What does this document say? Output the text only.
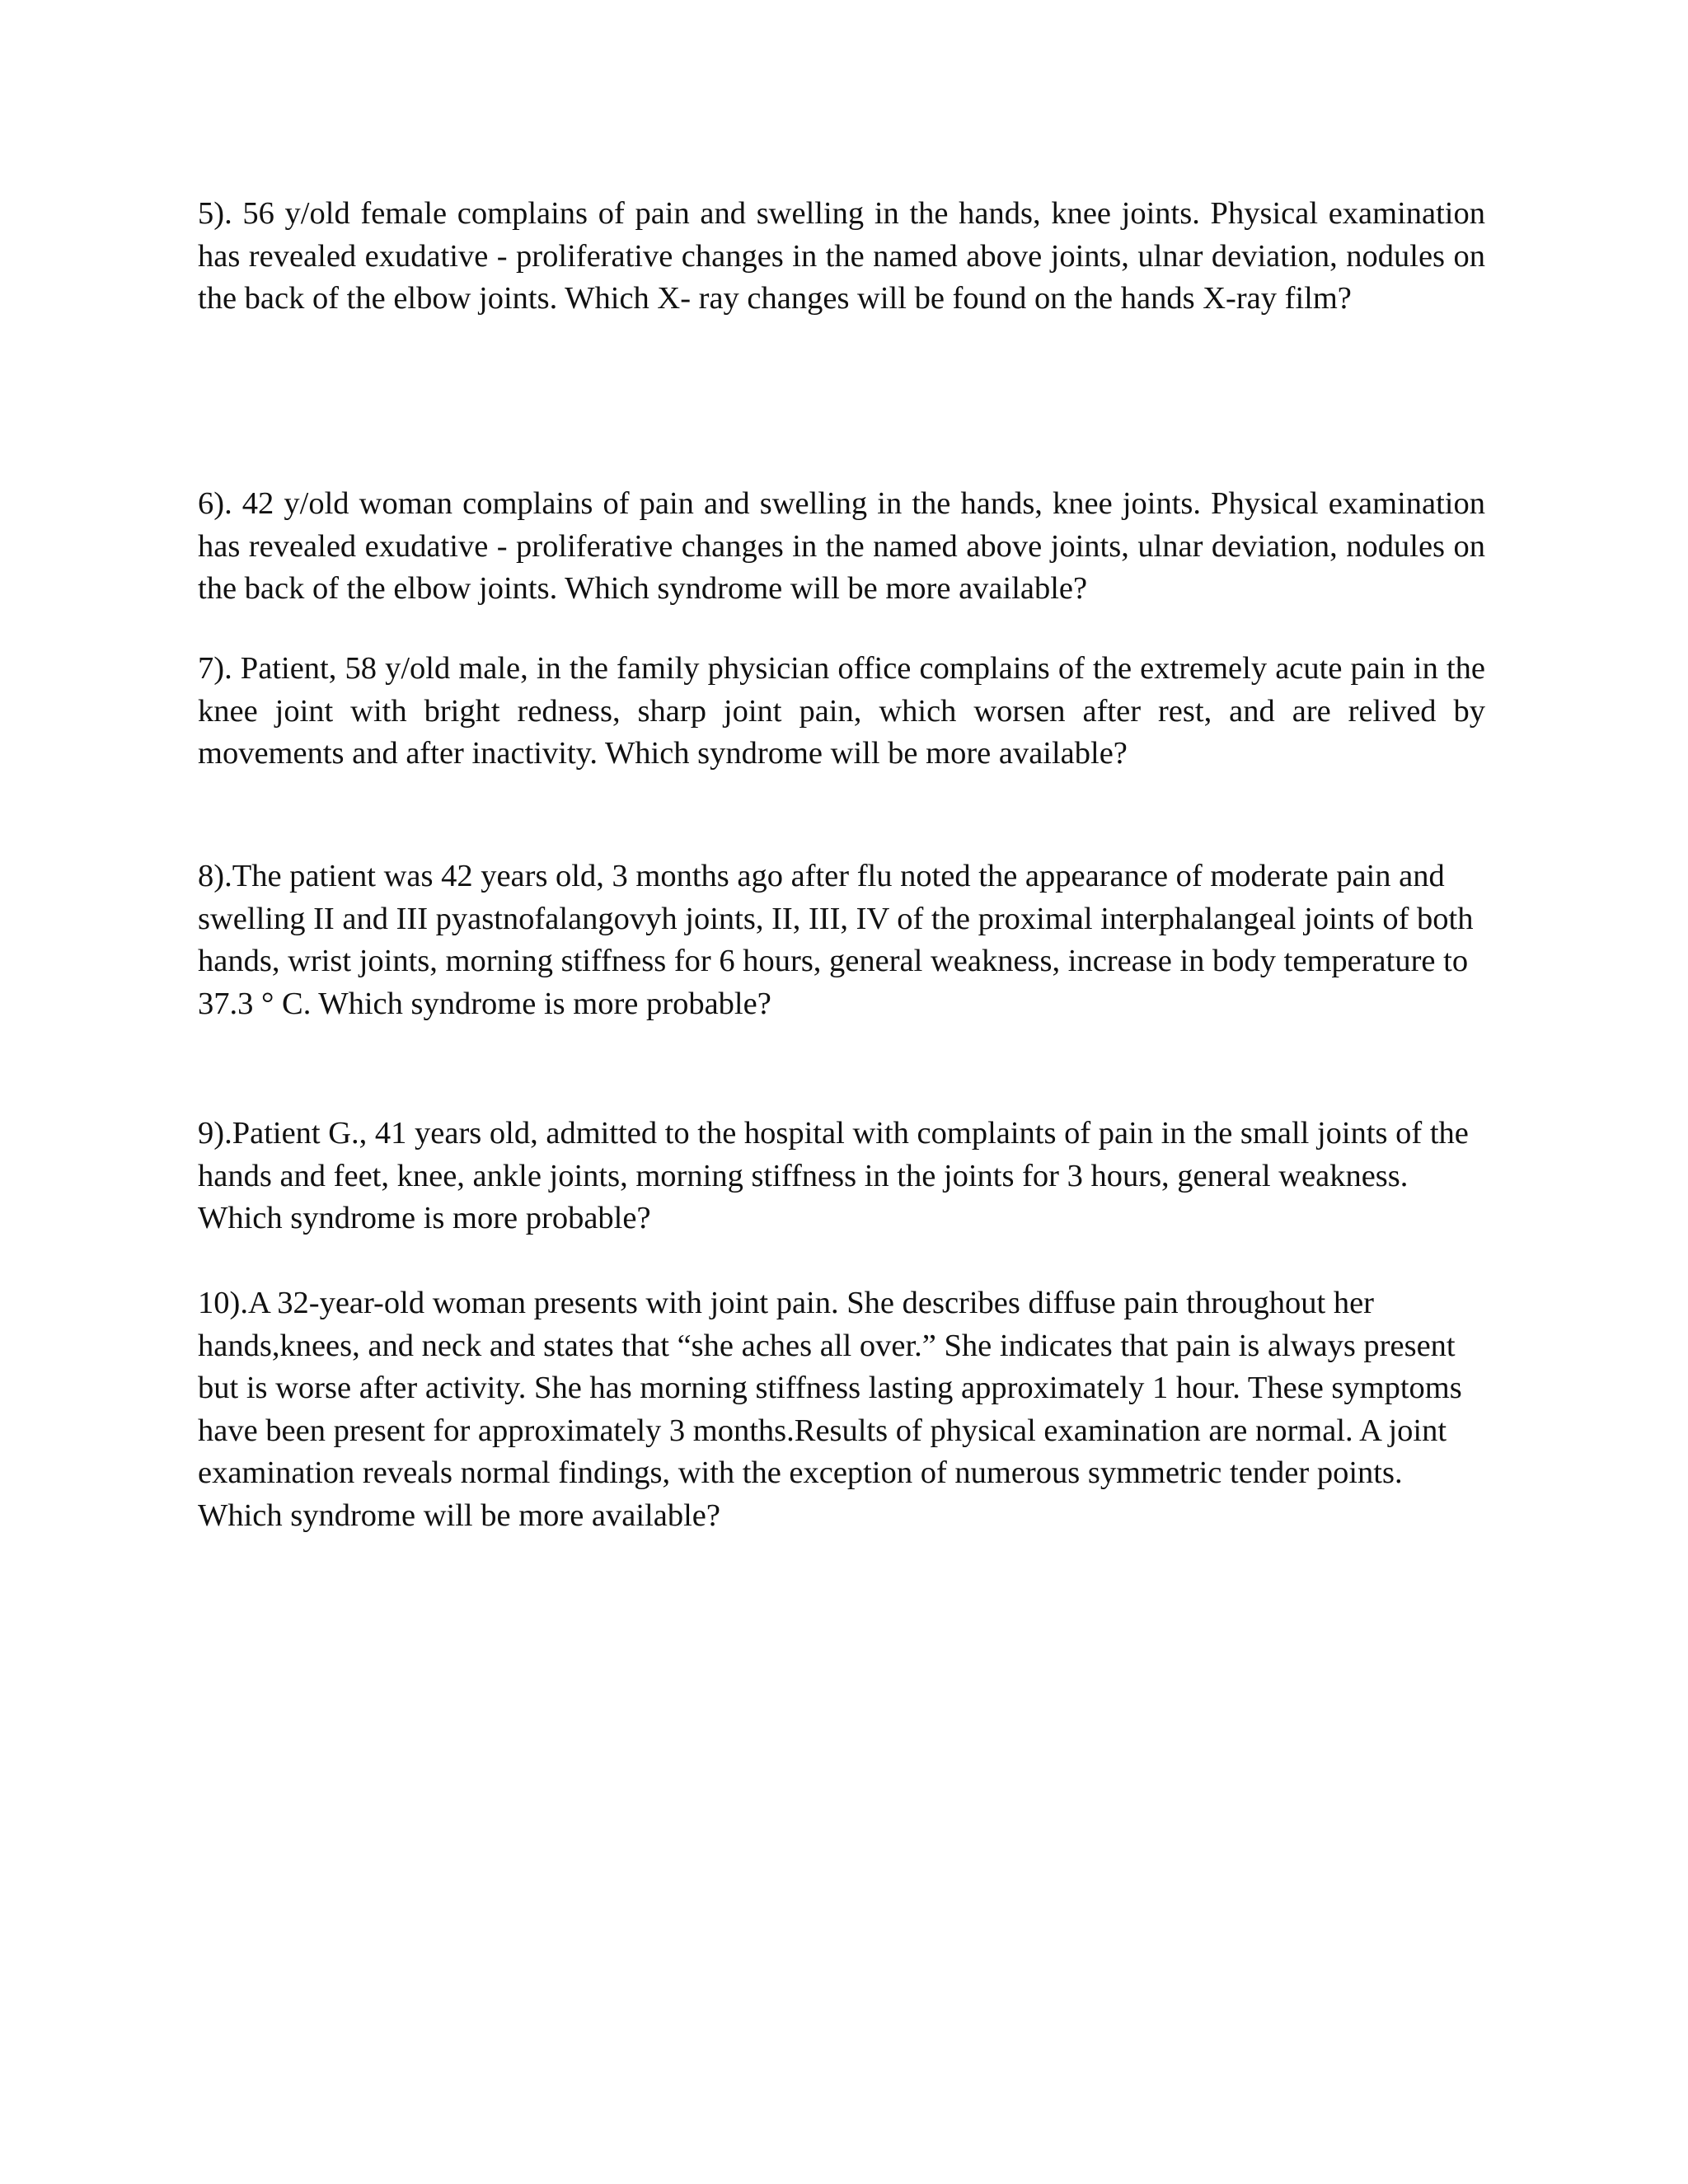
5). 56 y/old female complains of pain and swelling in the hands, knee joints. Physical examination has revealed exudative - proliferative changes in the named above joints, ulnar deviation, nodules on the back of the elbow joints. Which X- ray changes will be found on the hands X-ray film?

6). 42 y/old woman complains of pain and swelling in the hands, knee joints. Physical examination has revealed exudative - proliferative changes in the named above joints, ulnar deviation, nodules on the back of the elbow joints. Which syndrome will be more available?

7). Patient, 58 y/old male, in the family physician office complains of the extremely acute pain in the knee joint with bright redness, sharp joint pain, which worsen after rest, and are relived by movements and after inactivity. Which syndrome will be more available?

8).The patient was 42 years old, 3 months ago after flu noted the appearance of moderate pain and swelling II and III pyastnofalangovyh joints, II, III, IV of the proximal interphalangeal joints of both hands, wrist joints, morning stiffness for 6 hours, general weakness, increase in body temperature to 37.3 ° C. Which syndrome is more probable?

9).Patient G., 41 years old, admitted to the hospital with complaints of pain in the small joints of the hands and feet, knee, ankle joints, morning stiffness in the joints for 3 hours, general weakness. Which syndrome is more probable?

10).A 32-year-old woman presents with joint pain. She describes diffuse pain throughout her hands,knees, and neck and states that “she aches all over.” She indicates that pain is always present but is worse after activity. She has morning stiffness lasting approximately 1 hour. These symptoms have been present for approximately 3 months.Results of physical examination are normal. A joint examination reveals normal findings, with the exception of numerous symmetric tender points. Which syndrome will be more available?
